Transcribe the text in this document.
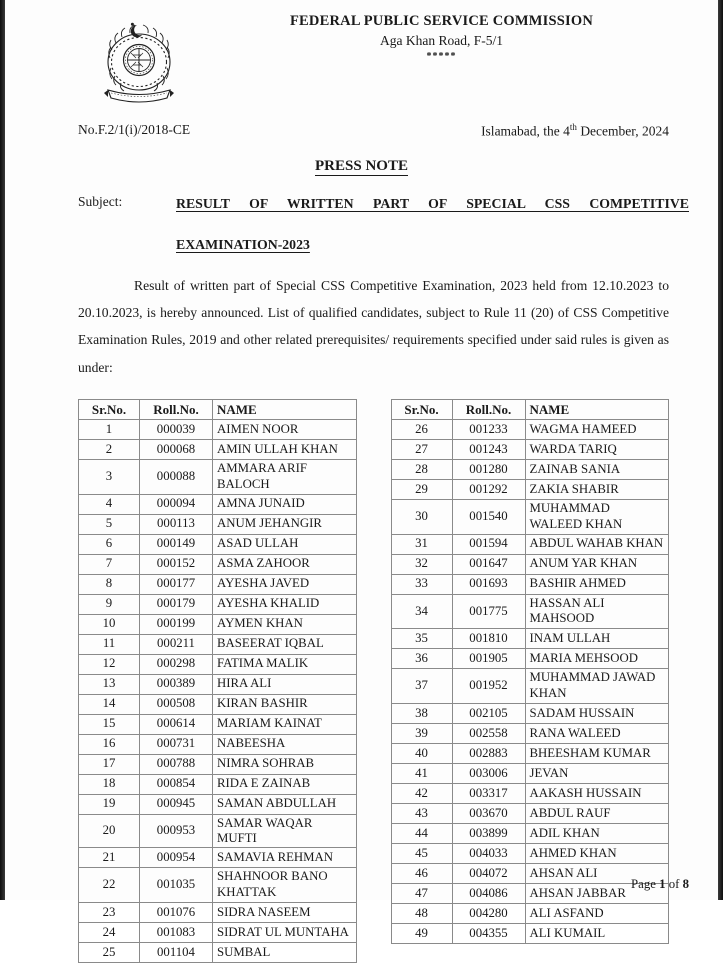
FEDERAL PUBLIC SERVICE COMMISSION
Aga Khan Road, F-5/1
*****
No.F.2/1(i)/2018-CE	Islamabad, the 4th December, 2024
PRESS NOTE
Subject:	RESULT OF WRITTEN PART OF SPECIAL CSS COMPETITIVE
EXAMINATION-2023

Result of written part of Special CSS Competitive Examination, 2023 held from 12.10.2023 to 20.10.2023, is hereby announced. List of qualified candidates, subject to Rule 11 (20) of CSS Competitive Examination Rules, 2019 and other related prerequisites/ requirements specified under said rules is given as under:

Sr.No.	Roll.No.	NAME
1	000039	AIMEN NOOR
2	000068	AMIN ULLAH KHAN
3	000088	AMMARA ARIF BALOCH
4	000094	AMNA JUNAID
5	000113	ANUM JEHANGIR
6	000149	ASAD ULLAH
7	000152	ASMA ZAHOOR
8	000177	AYESHA JAVED
9	000179	AYESHA KHALID
10	000199	AYMEN KHAN
11	000211	BASEERAT IQBAL
12	000298	FATIMA MALIK
13	000389	HIRA ALI
14	000508	KIRAN BASHIR
15	000614	MARIAM KAINAT
16	000731	NABEESHA
17	000788	NIMRA SOHRAB
18	000854	RIDA E ZAINAB
19	000945	SAMAN ABDULLAH
20	000953	SAMAR WAQAR MUFTI
21	000954	SAMAVIA REHMAN
22	001035	SHAHNOOR BANO KHATTAK
23	001076	SIDRA NASEEM
24	001083	SIDRAT UL MUNTAHA
25	001104	SUMBAL
Sr.No.	Roll.No.	NAME
26	001233	WAGMA HAMEED
27	001243	WARDA TARIQ
28	001280	ZAINAB SANIA
29	001292	ZAKIA SHABIR
30	001540	MUHAMMAD WALEED KHAN
31	001594	ABDUL WAHAB KHAN
32	001647	ANUM YAR KHAN
33	001693	BASHIR AHMED
34	001775	HASSAN ALI MAHSOOD
35	001810	INAM ULLAH
36	001905	MARIA MEHSOOD
37	001952	MUHAMMAD JAWAD KHAN
38	002105	SADAM HUSSAIN
39	002558	RANA WALEED
40	002883	BHEESHAM KUMAR
41	003006	JEVAN
42	003317	AAKASH HUSSAIN
43	003670	ABDUL RAUF
44	003899	ADIL KHAN
45	004033	AHMED KHAN
46	004072	AHSAN ALI
47	004086	AHSAN JABBAR
48	004280	ALI ASFAND
49	004355	ALI KUMAIL
Page 1 of 8
